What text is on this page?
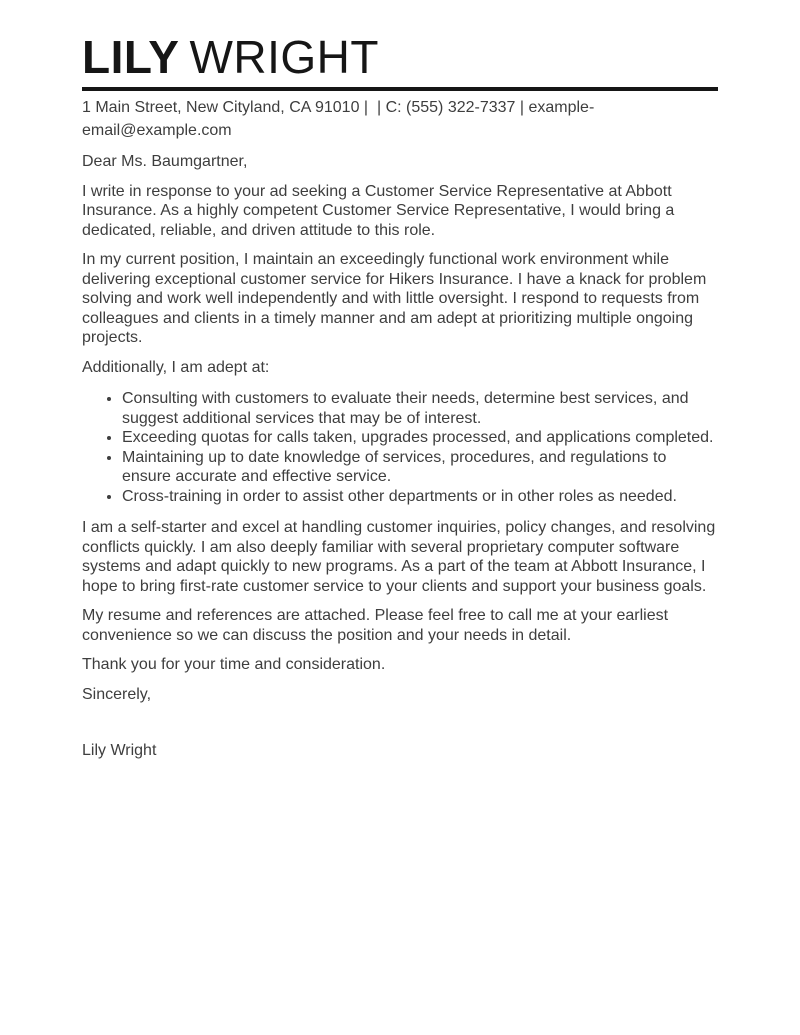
LILY WRIGHT

1 Main Street, New Cityland, CA 91010 |  | C: (555) 322-7337 | example-email@example.com

Dear Ms. Baumgartner,

I write in response to your ad seeking a Customer Service Representative at Abbott Insurance. As a highly competent Customer Service Representative, I would bring a dedicated, reliable, and driven attitude to this role.

In my current position, I maintain an exceedingly functional work environment while delivering exceptional customer service for Hikers Insurance. I have a knack for problem solving and work well independently and with little oversight. I respond to requests from colleagues and clients in a timely manner and am adept at prioritizing multiple ongoing projects.

Additionally, I am adept at:

• Consulting with customers to evaluate their needs, determine best services, and suggest additional services that may be of interest.
• Exceeding quotas for calls taken, upgrades processed, and applications completed.
• Maintaining up to date knowledge of services, procedures, and regulations to ensure accurate and effective service.
• Cross-training in order to assist other departments or in other roles as needed.

I am a self-starter and excel at handling customer inquiries, policy changes, and resolving conflicts quickly. I am also deeply familiar with several proprietary computer software systems and adapt quickly to new programs. As a part of the team at Abbott Insurance, I hope to bring first-rate customer service to your clients and support your business goals.

My resume and references are attached. Please feel free to call me at your earliest convenience so we can discuss the position and your needs in detail.

Thank you for your time and consideration.

Sincerely,

Lily Wright
